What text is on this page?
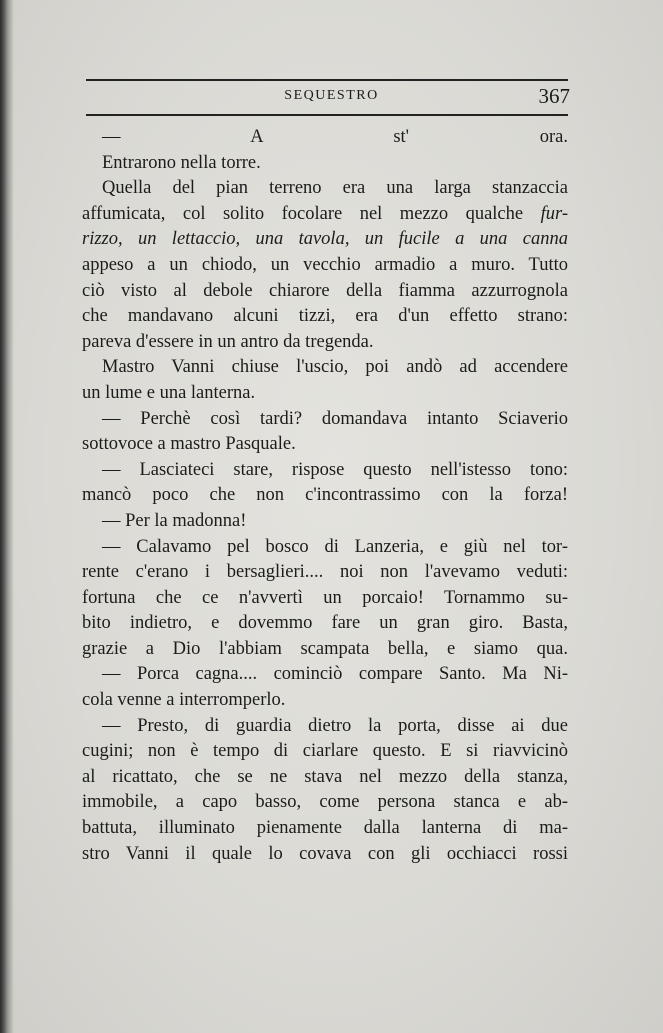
SEQUESTRO	367
— A st' ora.
Entrarono nella torre.
Quella del pian terreno era una larga stanzaccia
affumicata, col solito focolare nel mezzo qualche fur-
rizzo, un lettaccio, una tavola, un fucile a una canna
appeso a un chiodo, un vecchio armadio a muro. Tutto
ciò visto al debole chiarore della fiamma azzurrognola
che mandavano alcuni tizzi, era d'un effetto strano:
pareva d'essere in un antro da tregenda.
Mastro Vanni chiuse l'uscio, poi andò ad accendere
un lume e una lanterna.
— Perchè così tardi? domandava intanto Sciaverio
sottovoce a mastro Pasquale.
— Lasciateci stare, rispose questo nell'istesso tono:
mancò poco che non c'incontrassimo con la forza!
— Per la madonna!
— Calavamo pel bosco di Lanzeria, e giù nel tor-
rente c'erano i bersaglieri.... noi non l'avevamo veduti:
fortuna che ce n'avvertì un porcaio! Tornammo su-
bito indietro, e dovemmo fare un gran giro. Basta,
grazie a Dio l'abbiam scampata bella, e siamo qua.
— Porca cagna.... cominciò compare Santo. Ma Ni-
cola venne a interromperlo.
— Presto, di guardia dietro la porta, disse ai due
cugini; non è tempo di ciarlare questo. E si riavvicinò
al ricattato, che se ne stava nel mezzo della stanza,
immobile, a capo basso, come persona stanca e ab-
battuta, illuminato pienamente dalla lanterna di ma-
stro Vanni il quale lo covava con gli occhiacci rossi
